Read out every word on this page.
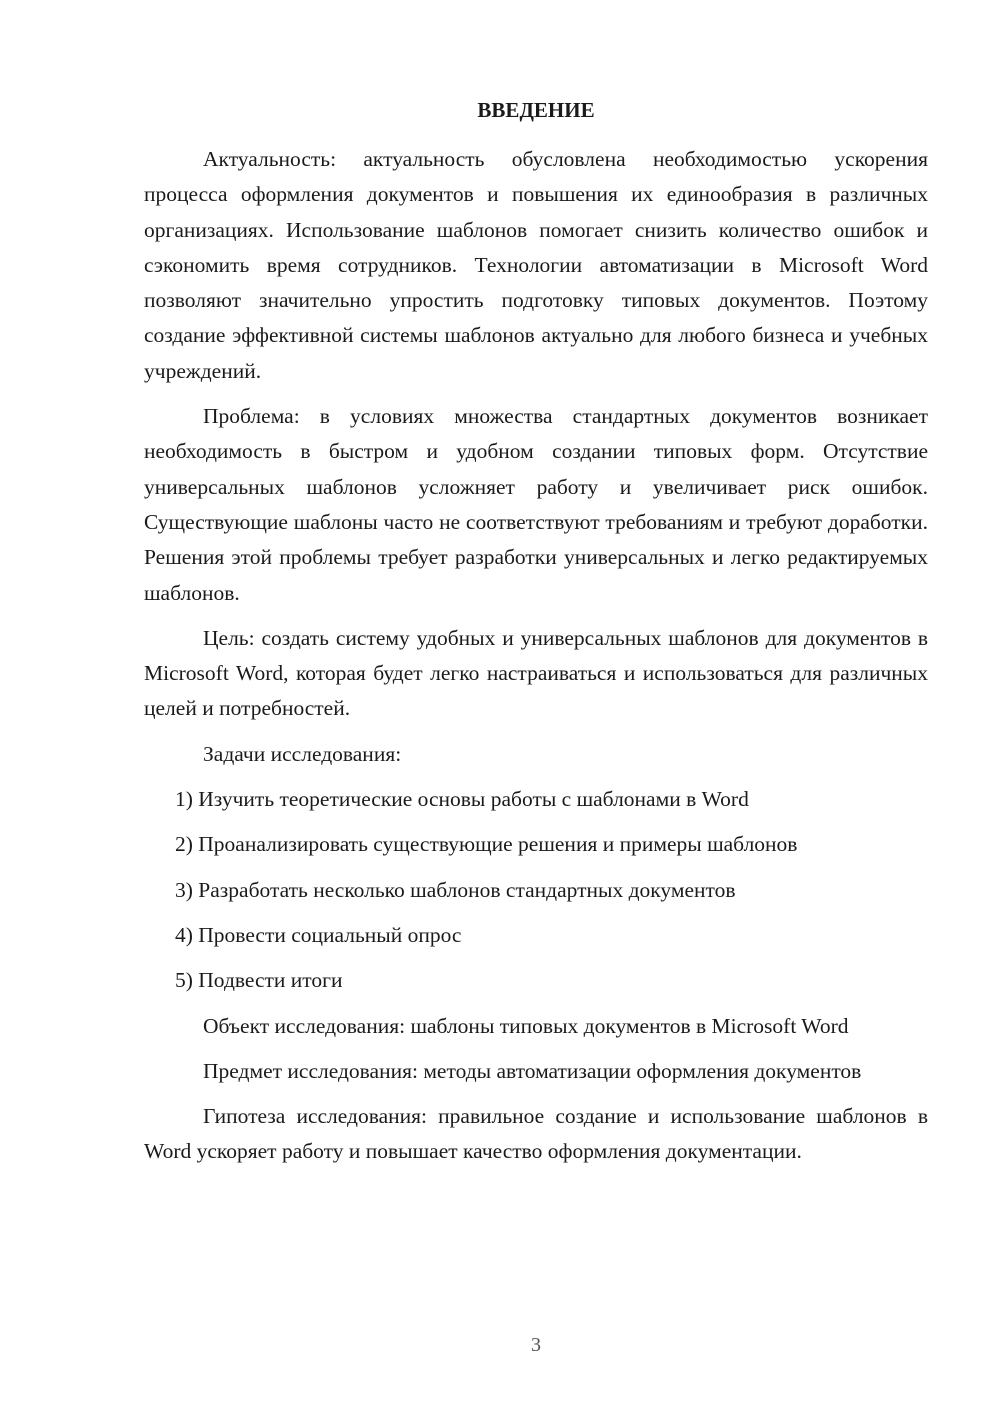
ВВЕДЕНИЕ

Актуальность: актуальность обусловлена необходимостью ускорения процесса оформления документов и повышения их единообразия в различных организациях. Использование шаблонов помогает снизить количество ошибок и сэкономить время сотрудников. Технологии автоматизации в Microsoft Word позволяют значительно упростить подготовку типовых документов. Поэтому создание эффективной системы шаблонов актуально для любого бизнеса и учебных учреждений.

Проблема: в условиях множества стандартных документов возникает необходимость в быстром и удобном создании типовых форм. Отсутствие универсальных шаблонов усложняет работу и увеличивает риск ошибок. Существующие шаблоны часто не соответствуют требованиям и требуют доработки. Решения этой проблемы требует разработки универсальных и легко редактируемых шаблонов.

Цель: создать систему удобных и универсальных шаблонов для документов в Microsoft Word, которая будет легко настраиваться и использоваться для различных целей и потребностей.

Задачи исследования:

1) Изучить теоретические основы работы с шаблонами в Word

2) Проанализировать существующие решения и примеры шаблонов

3) Разработать несколько шаблонов стандартных документов

4) Провести социальный опрос

5) Подвести итоги

Объект исследования: шаблоны типовых документов в Microsoft Word

Предмет исследования: методы автоматизации оформления документов

Гипотеза исследования: правильное создание и использование шаблонов в Word ускоряет работу и повышает качество оформления документации.

3
